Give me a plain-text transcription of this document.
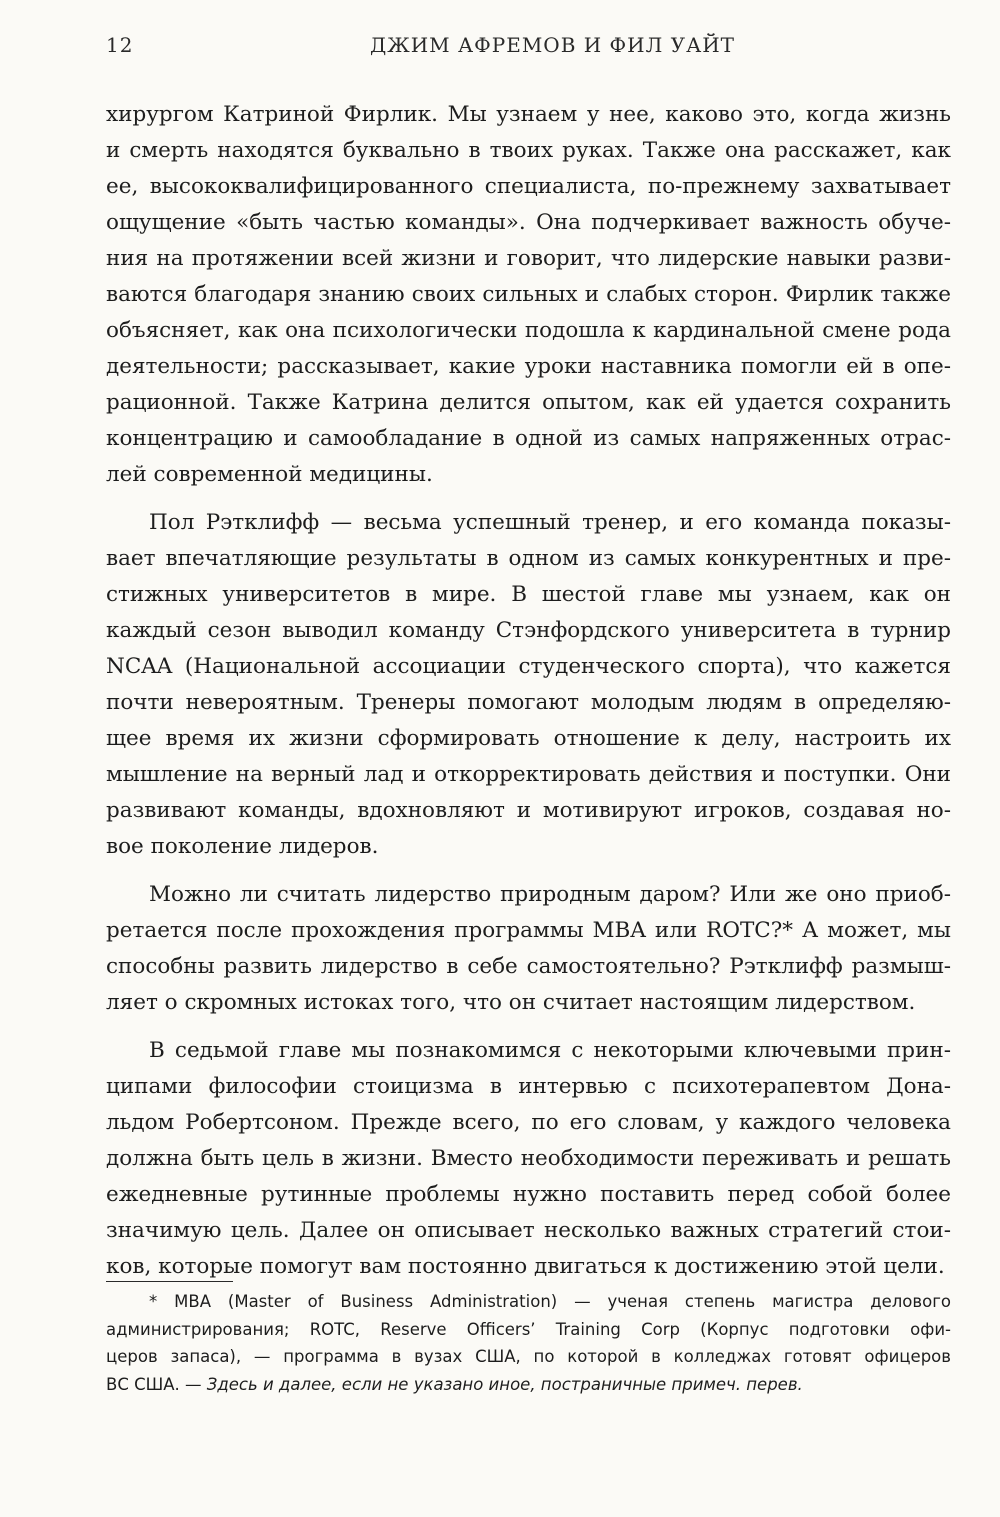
12	ДЖИМ АФРЕМОВ И ФИЛ УАЙТ

хирургом Катриной Фирлик. Мы узнаем у нее, каково это, когда жизнь
и смерть находятся буквально в твоих руках. Также она расскажет, как
ее, высококвалифицированного специалиста, по-прежнему захватывает
ощущение «быть частью команды». Она подчеркивает важность обуче-
ния на протяжении всей жизни и говорит, что лидерские навыки разви-
ваются благодаря знанию своих сильных и слабых сторон. Фирлик также
объясняет, как она психологически подошла к кардинальной смене рода
деятельности; рассказывает, какие уроки наставника помогли ей в опе-
рационной. Также Катрина делится опытом, как ей удается сохранить
концентрацию и самообладание в одной из самых напряженных отрас-
лей современной медицины.

Пол Рэтклифф — весьма успешный тренер, и его команда показы-
вает впечатляющие результаты в одном из самых конкурентных и пре-
стижных университетов в мире. В шестой главе мы узнаем, как он
каждый сезон выводил команду Стэнфордского университета в турнир
NCAA (Национальной ассоциации студенческого спорта), что кажется
почти невероятным. Тренеры помогают молодым людям в определяю-
щее время их жизни сформировать отношение к делу, настроить их
мышление на верный лад и откорректировать действия и поступки. Они
развивают команды, вдохновляют и мотивируют игроков, создавая но-
вое поколение лидеров.

Можно ли считать лидерство природным даром? Или же оно приоб-
ретается после прохождения программы MBA или ROTC?* А может, мы
способны развить лидерство в себе самостоятельно? Рэтклифф размыш-
ляет о скромных истоках того, что он считает настоящим лидерством.

В седьмой главе мы познакомимся с некоторыми ключевыми прин-
ципами философии стоицизма в интервью с психотерапевтом Дона-
льдом Робертсоном. Прежде всего, по его словам, у каждого человека
должна быть цель в жизни. Вместо необходимости переживать и решать
ежедневные рутинные проблемы нужно поставить перед собой более
значимую цель. Далее он описывает несколько важных стратегий стои-
ков, которые помогут вам постоянно двигаться к достижению этой цели.

* MBA (Master of Business Administration) — ученая степень магистра делового
администрирования; ROTC, Reserve Officers’ Training Corp (Корпус подготовки офи-
церов запаса), — программа в вузах США, по которой в колледжах готовят офицеров
ВС США. — Здесь и далее, если не указано иное, постраничные примеч. перев.
